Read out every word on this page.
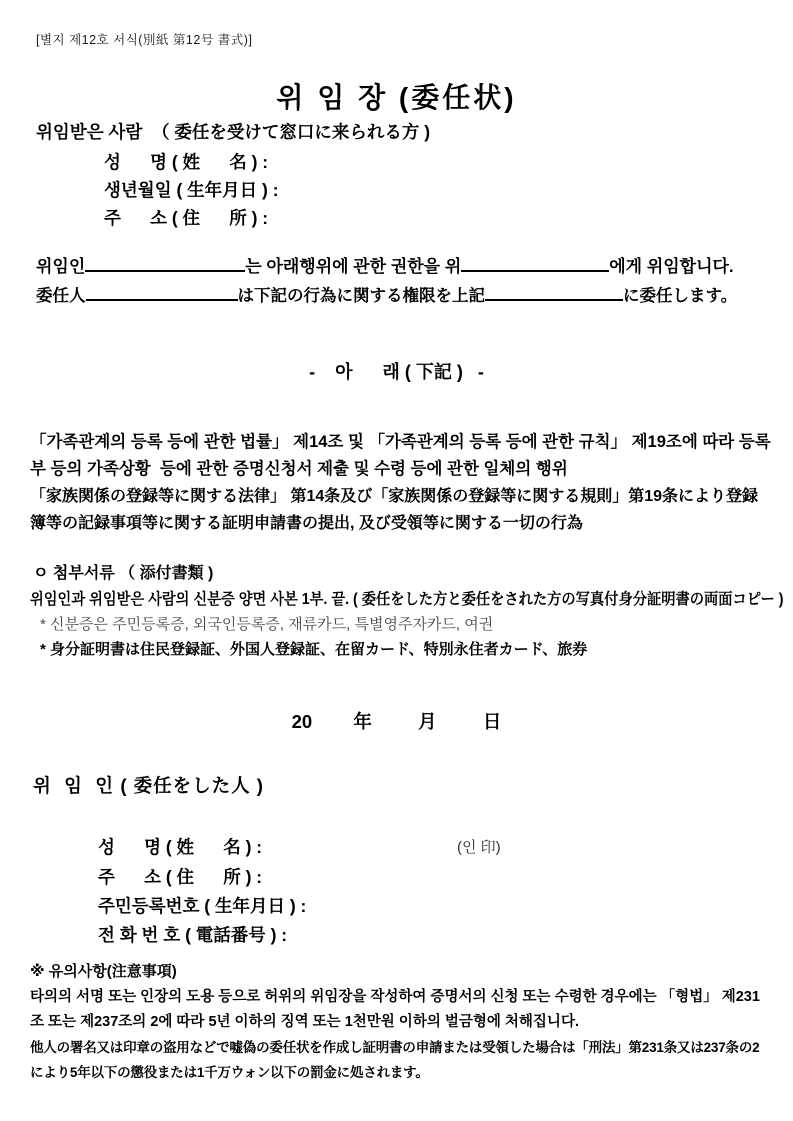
[별지 제12호 서식(別紙 第12号 書式)]
위 임 장 (委任状)
위임받은 사람  （ 委任を受けて窓口に来られる方 )
성      명 ( 姓      名 ) :
생년월일 ( 生年月日 ) :
주      소 ( 住      所 ) :
위임인	는 아래행위에 관한 권한을 위	에게 위임합니다.
委任人	は下記の行為に関する権限を上記	に委任します。
-    아      래 ( 下記 )   -
「가족관계의 등록 등에 관한 법률」 제14조 및 「가족관계의 등록 등에 관한 규칙」 제19조에 따라 등록부 등의 가족상황  등에 관한 증명신청서 제출 및 수령 등에 관한 일체의 행위
「家族関係の登録等に関する法律」 第14条及び「家族関係の登録等に関する規則」第19条により登録簿等の記録事項等に関する証明申請書の提出, 及び受領等に関する一切の行為
ㅇ 첨부서류 （ 添付書類 )
위임인과 위임받은 사람의 신분증 양면 사본 1부. 끝. ( 委任をした方と委任をされた方の写真付身分証明書の両面コピー )
* 신분증은 주민등록증, 외국인등록증, 재류카드, 특별영주자카드, 여권
* 身分証明書は住民登録証、外国人登録証、在留カード、特別永住者カード、旅券
20        年         月         日
위  임  인 ( 委任をした人 )
성      명 ( 姓      名 ) :	(인 印)
주      소 ( 住      所 ) :
주민등록번호 ( 生年月日 ) :
전 화 번 호 ( 電話番号 ) :
※ 유의사항(注意事項)
타의의 서명 또는 인장의 도용 등으로 허위의 위임장을 작성하여 증명서의 신청 또는 수령한 경우에는 「형법」 제231조 또는 제237조의 2에 따라 5년 이하의 징역 또는 1천만원 이하의 벌금형에 처해집니다.
他人の署名又は印章の盗用などで嘘偽の委任状を作成し証明書の申請または受領した場合は「刑法」第231条又は237条の2により5年以下の懲役または1千万ウォン以下の罰金に処されます。
